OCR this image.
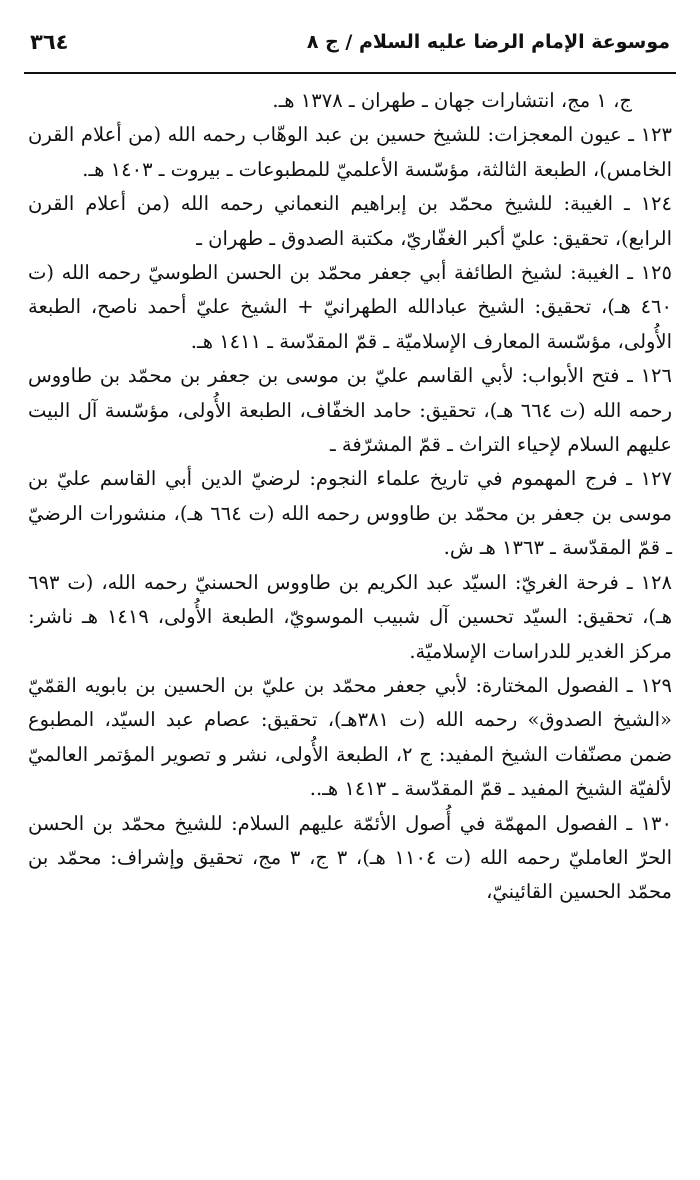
موسوعة الإمام الرضا عليه السلام / ج ٨
٣٦٤

ج، ١ مج، انتشارات جهان ـ طهران ـ ١٣٧٨ هـ.

١٢٣ ـ عيون المعجزات: للشيخ حسين بن عبد الوهّاب رحمه الله (من أعلام القرن الخامس)، الطبعة الثالثة، مؤسّسة الأعلميّ للمطبوعات ـ بيروت ـ ١٤٠٣ هـ.

١٢٤ ـ الغيبة: للشيخ محمّد بن إبراهيم النعماني رحمه الله (من أعلام القرن الرابع)، تحقيق: عليّ أكبر الغفّاريّ، مكتبة الصدوق ـ طهران ـ

١٢٥ ـ الغيبة: لشيخ الطائفة أبي جعفر محمّد بن الحسن الطوسيّ رحمه الله (ت ٤٦٠ هـ)، تحقيق: الشيخ عبادالله الطهرانيّ + الشيخ عليّ أحمد ناصح، الطبعة الأُولى، مؤسّسة المعارف الإسلاميّة ـ قمّ المقدّسة ـ ١٤١١ هـ.

١٢٦ ـ فتح الأبواب: لأبي القاسم عليّ بن موسى بن جعفر بن محمّد بن طاووس رحمه الله (ت ٦٦٤ هـ)، تحقيق: حامد الخفّاف، الطبعة الأُولى، مؤسّسة آل البيت عليهم السلام لإحياء التراث ـ قمّ المشرّفة ـ

١٢٧ ـ فرج المهموم في تاريخ علماء النجوم: لرضيّ الدين أبي القاسم عليّ بن موسى بن جعفر بن محمّد بن طاووس رحمه الله (ت ٦٦٤ هـ)، منشورات الرضيّ ـ قمّ المقدّسة ـ ١٣٦٣ هـ ش.

١٢٨ ـ فرحة الغريّ: السيّد عبد الكريم بن طاووس الحسنيّ رحمه الله، (ت ٦٩٣ هـ)، تحقيق: السيّد تحسين آل شبيب الموسويّ، الطبعة الأُولى، ١٤١٩ هـ ناشر: مركز الغدير للدراسات الإسلاميّة.

١٢٩ ـ الفصول المختارة: لأبي جعفر محمّد بن عليّ بن الحسين بن بابويه القمّيّ «الشيخ الصدوق» رحمه الله (ت ٣٨١هـ)، تحقيق: عصام عبد السيّد، المطبوع ضمن مصنّفات الشيخ المفيد: ج ٢، الطبعة الأُولى، نشر و تصوير المؤتمر العالميّ لألفيّة الشيخ المفيد ـ قمّ المقدّسة ـ ١٤١٣ هـ..

١٣٠ ـ الفصول المهمّة في أُصول الأئمّة عليهم السلام: للشيخ محمّد بن الحسن الحرّ العامليّ رحمه الله (ت ١١٠٤ هـ)، ٣ ج، ٣ مج، تحقيق وإشراف: محمّد بن محمّد الحسين القائينيّ،
